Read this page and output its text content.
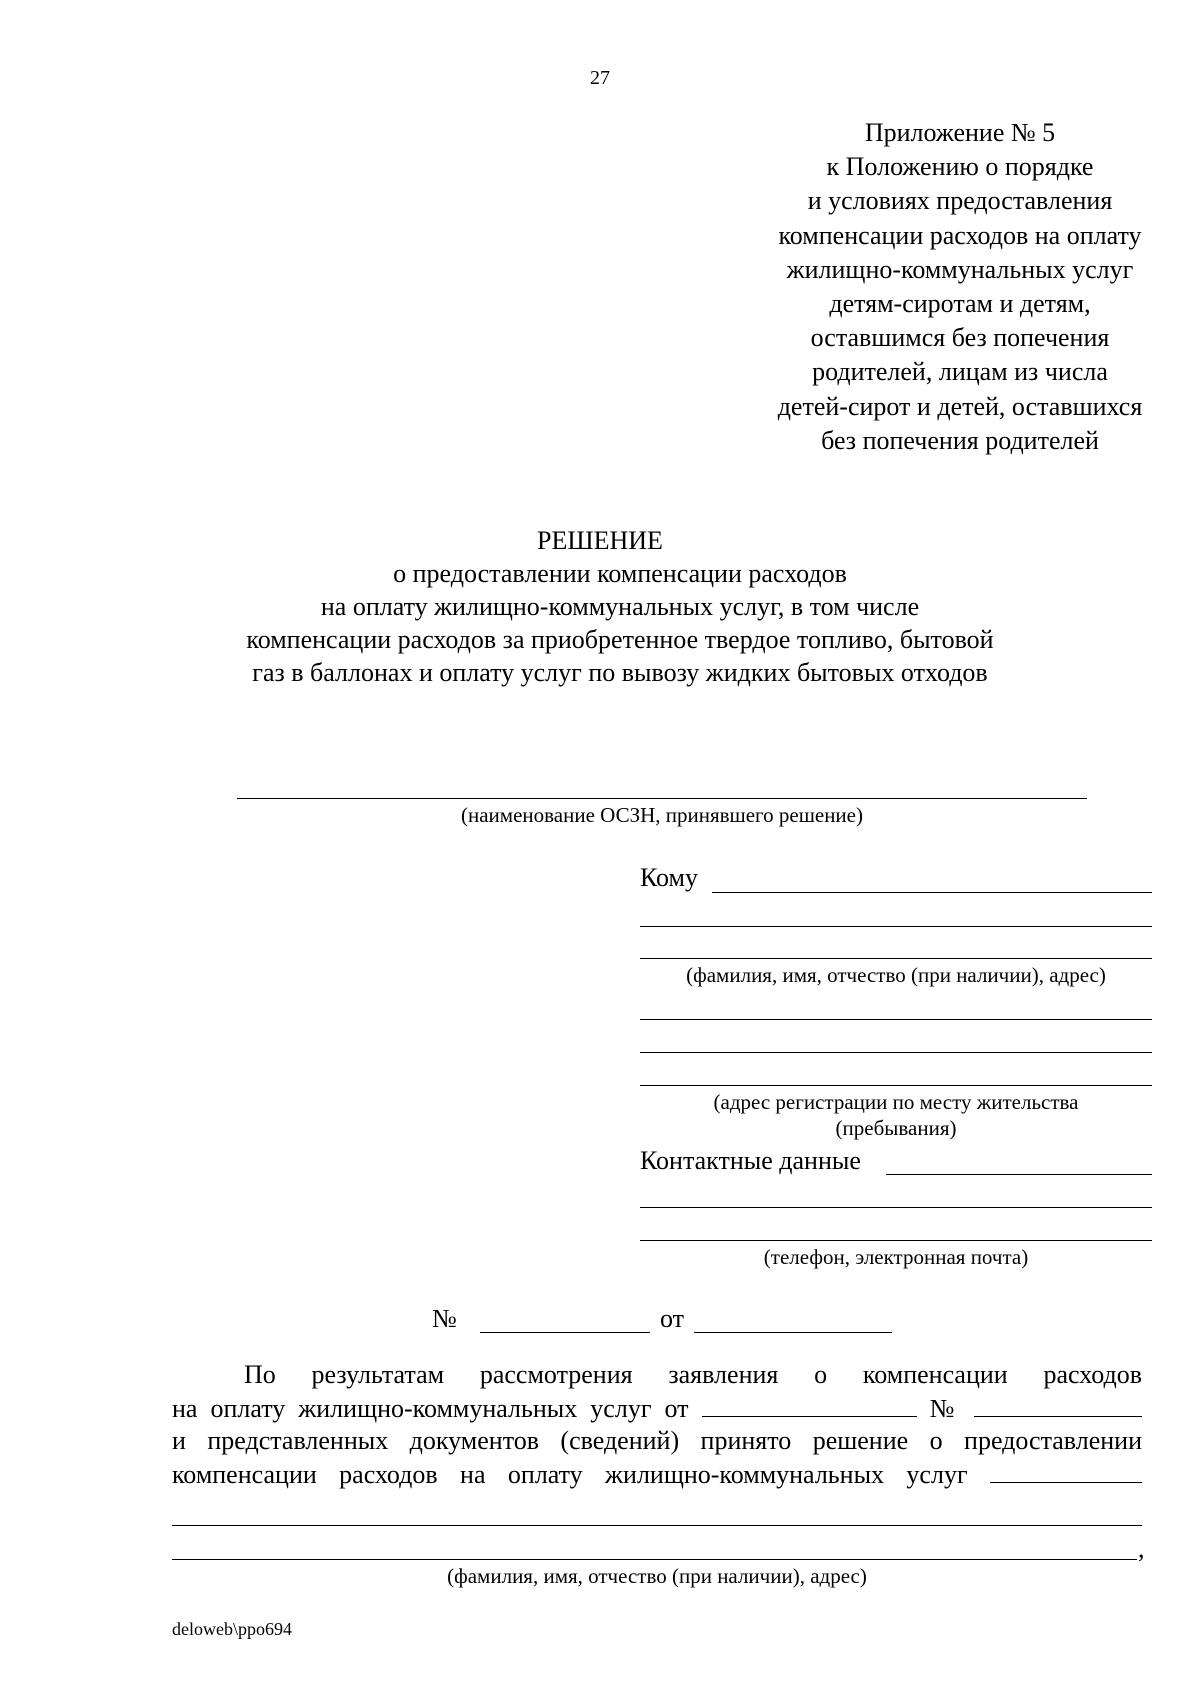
27
Приложение № 5
к Положению о порядке
и условиях предоставления
компенсации расходов на оплату
жилищно-коммунальных услуг
детям-сиротам и детям,
оставшимся без попечения
родителей, лицам из числа
детей-сирот и детей, оставшихся
без попечения родителей
РЕШЕНИЕ
о предоставлении компенсации расходов
на оплату жилищно-коммунальных услуг, в том числе
компенсации расходов за приобретенное твердое топливо, бытовой
газ в баллонах и оплату услуг по вывозу жидких бытовых отходов
(наименование ОСЗН, принявшего решение)
Кому
(фамилия, имя, отчество (при наличии), адрес)
(адрес регистрации по месту жительства
(пребывания)
Контактные данные
(телефон, электронная почта)
№	от
По результатам рассмотрения заявления о компенсации расходов
на оплату жилищно-коммунальных услуг от	№
и представленных документов (сведений) принято решение о предоставлении
компенсации расходов на оплату жилищно-коммунальных услуг
,
(фамилия, имя, отчество (при наличии), адрес)
deloweb\ppo694
